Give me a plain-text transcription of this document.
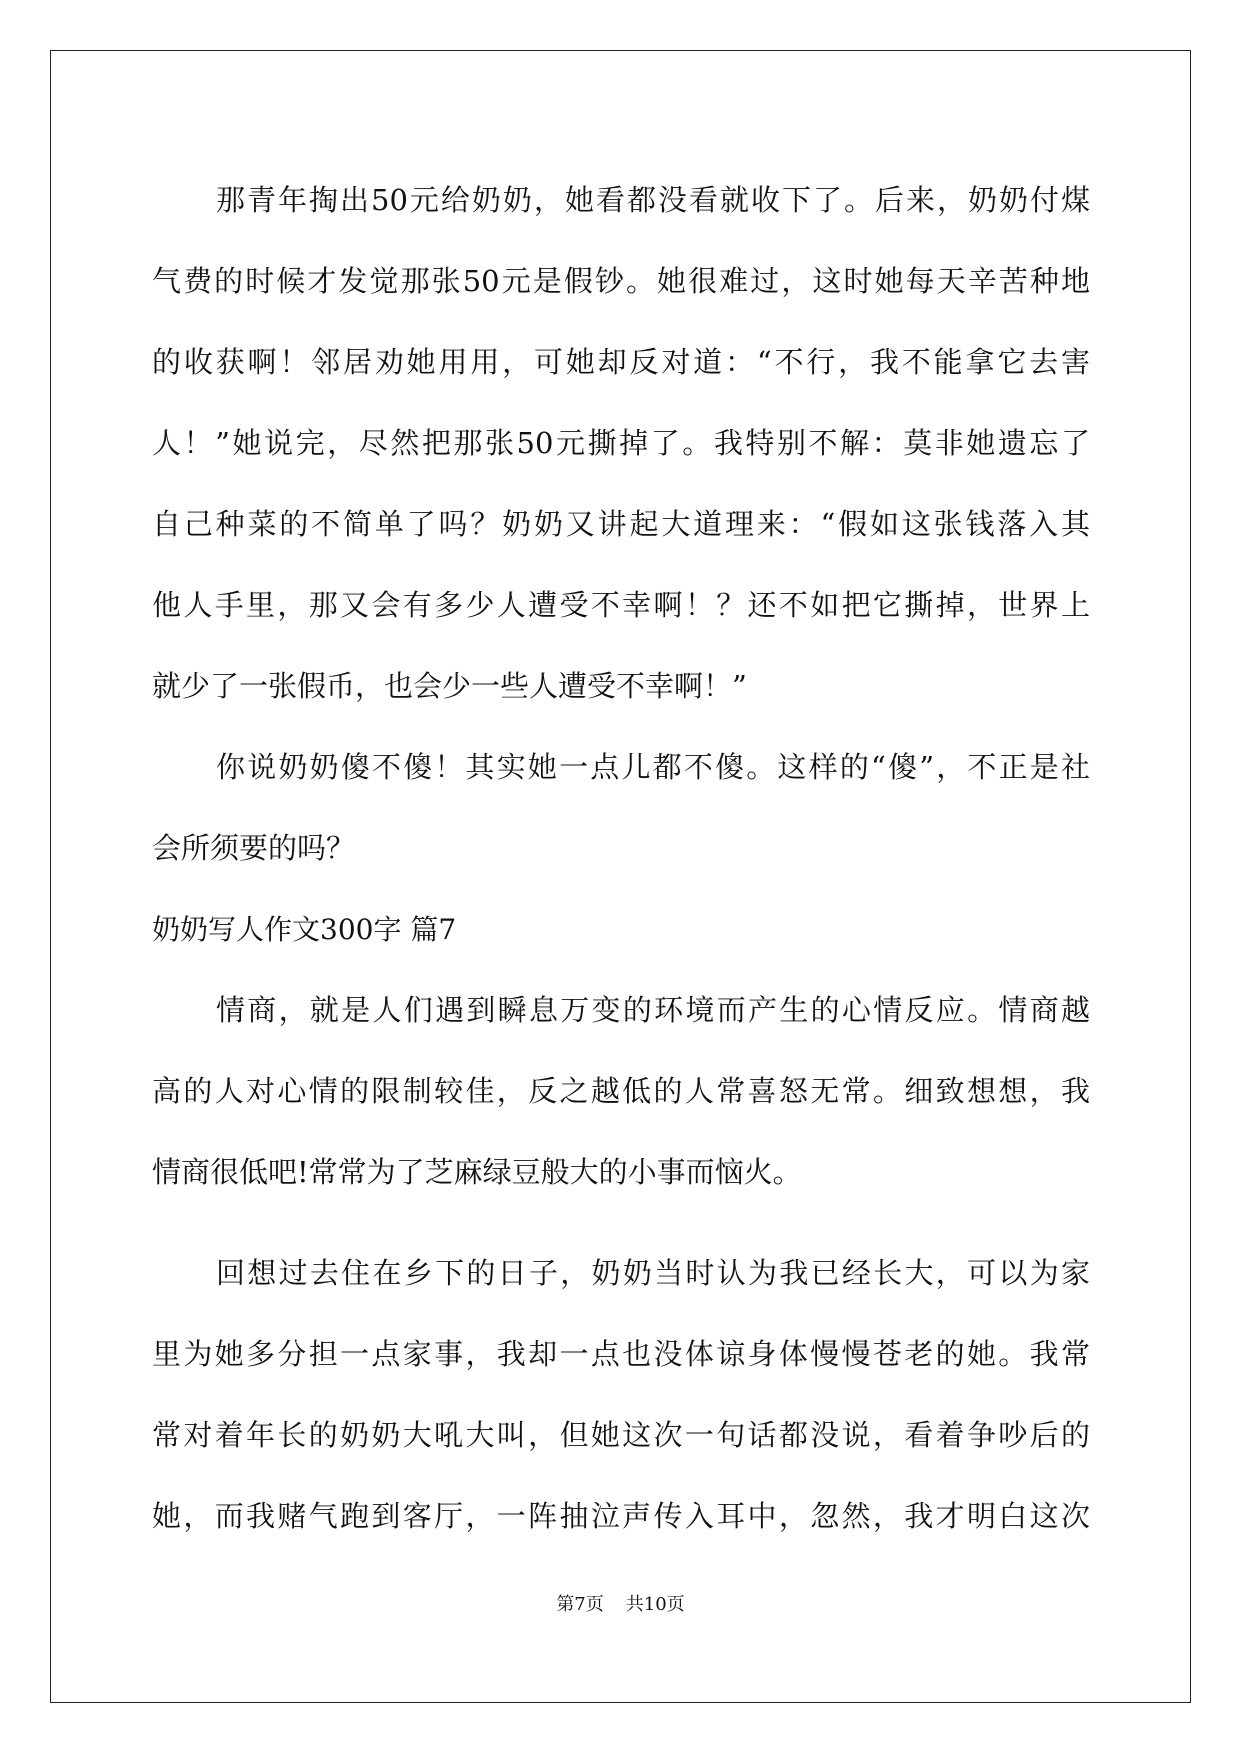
那青年掏出50元给奶奶，她看都没看就收下了。后来，奶奶付煤
气费的时候才发觉那张50元是假钞。她很难过，这时她每天辛苦种地
的收获啊！邻居劝她用用，可她却反对道：“不行，我不能拿它去害
人！”她说完，尽然把那张50元撕掉了。我特别不解：莫非她遗忘了
自己种菜的不简单了吗？奶奶又讲起大道理来：“假如这张钱落入其
他人手里，那又会有多少人遭受不幸啊！？还不如把它撕掉，世界上
就少了一张假币，也会少一些人遭受不幸啊！”
你说奶奶傻不傻！其实她一点儿都不傻。这样的“傻”，不正是社
会所须要的吗？
奶奶写人作文300字 篇7
情商，就是人们遇到瞬息万变的环境而产生的心情反应。情商越
高的人对心情的限制较佳，反之越低的人常喜怒无常。细致想想，我
情商很低吧!常常为了芝麻绿豆般大的小事而恼火。
回想过去住在乡下的日子，奶奶当时认为我已经长大，可以为家
里为她多分担一点家事，我却一点也没体谅身体慢慢苍老的她。我常
常对着年长的奶奶大吼大叫，但她这次一句话都没说，看着争吵后的
她，而我赌气跑到客厅，一阵抽泣声传入耳中，忽然，我才明白这次
第7页 共10页
